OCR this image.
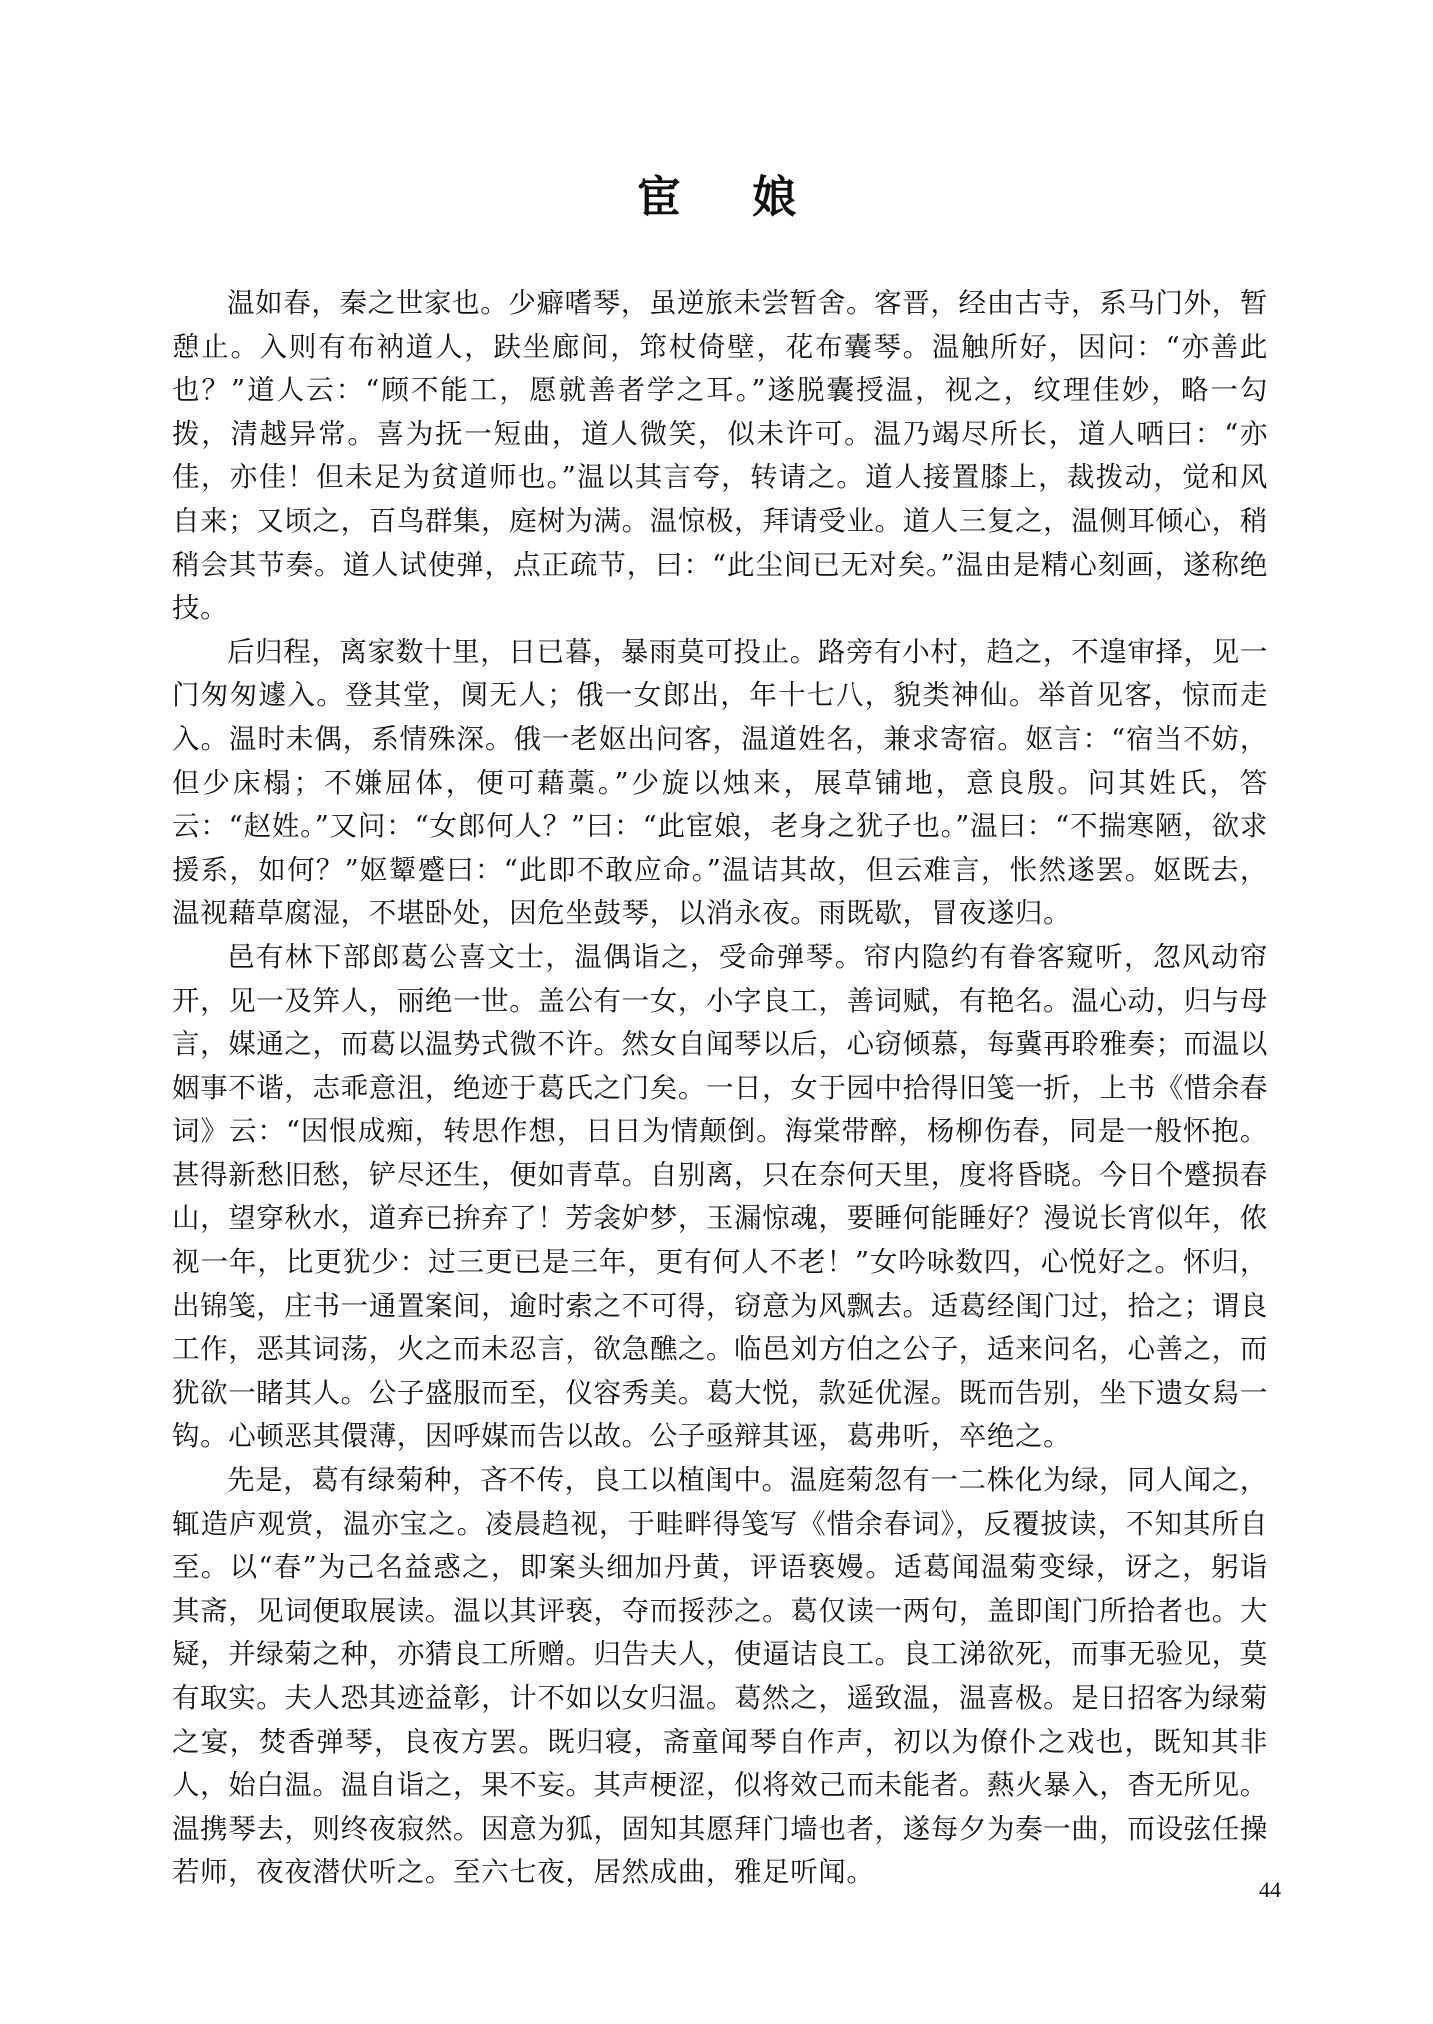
宦 娘

温如春，秦之世家也。少癖嗜琴，虽逆旅未尝暂舍。客晋，经由古寺，系马门外，暂憩止。入则有布衲道人，趺坐廊间，筇杖倚壁，花布囊琴。温触所好，因问：“亦善此也？”道人云：“顾不能工，愿就善者学之耳。”遂脱囊授温，视之，纹理佳妙，略一勾拨，清越异常。喜为抚一短曲，道人微笑，似未许可。温乃竭尽所长，道人哂曰：“亦佳，亦佳！但未足为贫道师也。”温以其言夸，转请之。道人接置膝上，裁拨动，觉和风自来；又顷之，百鸟群集，庭树为满。温惊极，拜请受业。道人三复之，温侧耳倾心，稍稍会其节奏。道人试使弹，点正疏节，曰：“此尘间已无对矣。”温由是精心刻画，遂称绝技。

后归程，离家数十里，日已暮，暴雨莫可投止。路旁有小村，趋之，不遑审择，见一门匆匆遽入。登其堂，阒无人；俄一女郎出，年十七八，貌类神仙。举首见客，惊而走入。温时未偶，系情殊深。俄一老妪出问客，温道姓名，兼求寄宿。妪言：“宿当不妨，但少床榻；不嫌屈体，便可藉藁。”少旋以烛来，展草铺地，意良殷。问其姓氏，答云：“赵姓。”又问：“女郎何人？”曰：“此宦娘，老身之犹子也。”温曰：“不揣寒陋，欲求援系，如何？”妪颦蹙曰：“此即不敢应命。”温诘其故，但云难言，怅然遂罢。妪既去，温视藉草腐湿，不堪卧处，因危坐鼓琴，以消永夜。雨既歇，冒夜遂归。

邑有林下部郎葛公喜文士，温偶诣之，受命弹琴。帘内隐约有眷客窥听，忽风动帘开，见一及笄人，丽绝一世。盖公有一女，小字良工，善词赋，有艳名。温心动，归与母言，媒通之，而葛以温势式微不许。然女自闻琴以后，心窃倾慕，每冀再聆雅奏；而温以姻事不谐，志乖意沮，绝迹于葛氏之门矣。一日，女于园中拾得旧笺一折，上书《惜余春词》云：“因恨成痴，转思作想，日日为情颠倒。海棠带醉，杨柳伤春，同是一般怀抱。甚得新愁旧愁，铲尽还生，便如青草。自别离，只在奈何天里，度将昏晓。今日个蹙损春山，望穿秋水，道弃已拚弃了！芳衾妒梦，玉漏惊魂，要睡何能睡好？漫说长宵似年，侬视一年，比更犹少：过三更已是三年，更有何人不老！”女吟咏数四，心悦好之。怀归，出锦笺，庄书一通置案间，逾时索之不可得，窃意为风飘去。适葛经闺门过，拾之；谓良工作，恶其词荡，火之而未忍言，欲急醮之。临邑刘方伯之公子，适来问名，心善之，而犹欲一睹其人。公子盛服而至，仪容秀美。葛大悦，款延优渥。既而告别，坐下遗女舄一钩。心顿恶其儇薄，因呼媒而告以故。公子亟辩其诬，葛弗听，卒绝之。

先是，葛有绿菊种，吝不传，良工以植闺中。温庭菊忽有一二株化为绿，同人闻之，辄造庐观赏，温亦宝之。凌晨趋视，于畦畔得笺写《惜余春词》，反覆披读，不知其所自至。以“春”为己名益惑之，即案头细加丹黄，评语亵嫚。适葛闻温菊变绿，讶之，躬诣其斋，见词便取展读。温以其评亵，夺而挼莎之。葛仅读一两句，盖即闺门所拾者也。大疑，并绿菊之种，亦猜良工所赠。归告夫人，使逼诘良工。良工涕欲死，而事无验见，莫有取实。夫人恐其迹益彰，计不如以女归温。葛然之，遥致温，温喜极。是日招客为绿菊之宴，焚香弹琴，良夜方罢。既归寝，斋童闻琴自作声，初以为僚仆之戏也，既知其非人，始白温。温自诣之，果不妄。其声梗涩，似将效己而未能者。爇火暴入，杳无所见。温携琴去，则终夜寂然。因意为狐，固知其愿拜门墙也者，遂每夕为奏一曲，而设弦任操若师，夜夜潜伏听之。至六七夜，居然成曲，雅足听闻。

44
